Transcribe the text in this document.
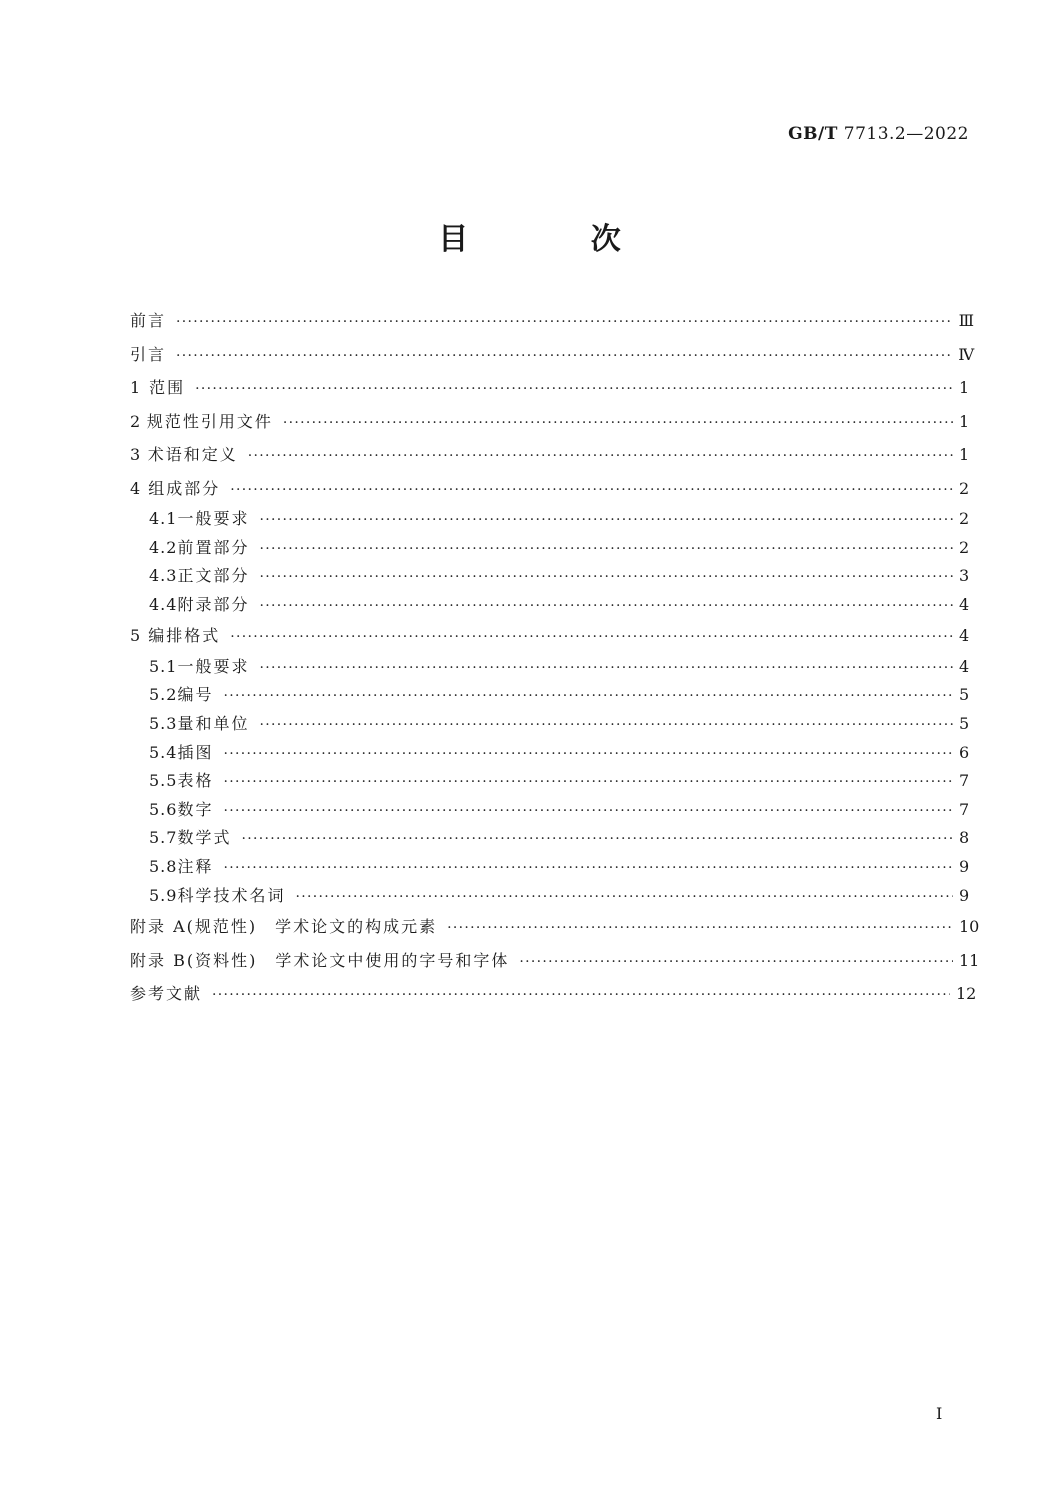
GB/T 7713.2—2022
目 次
前言 ·····	Ⅲ
引言 ·····	Ⅳ
1 范围 ·····	1
2 规范性引用文件 ·····	1
3 术语和定义 ·····	1
4 组成部分 ·····	2
4.1 一般要求 ·····	2
4.2 前置部分 ·····	2
4.3 正文部分 ·····	3
4.4 附录部分 ·····	4
5 编排格式 ·····	4
5.1 一般要求 ·····	4
5.2 编号 ·····	5
5.3 量和单位 ·····	5
5.4 插图 ·····	6
5.5 表格 ·····	7
5.6 数字 ·····	7
5.7 数学式 ·····	8
5.8 注释 ·····	9
5.9 科学技术名词 ·····	9
附录 A(规范性)　学术论文的构成元素 ·····	10
附录 B(资料性)　学术论文中使用的字号和字体 ·····	11
参考文献 ·····	12
Ⅰ
